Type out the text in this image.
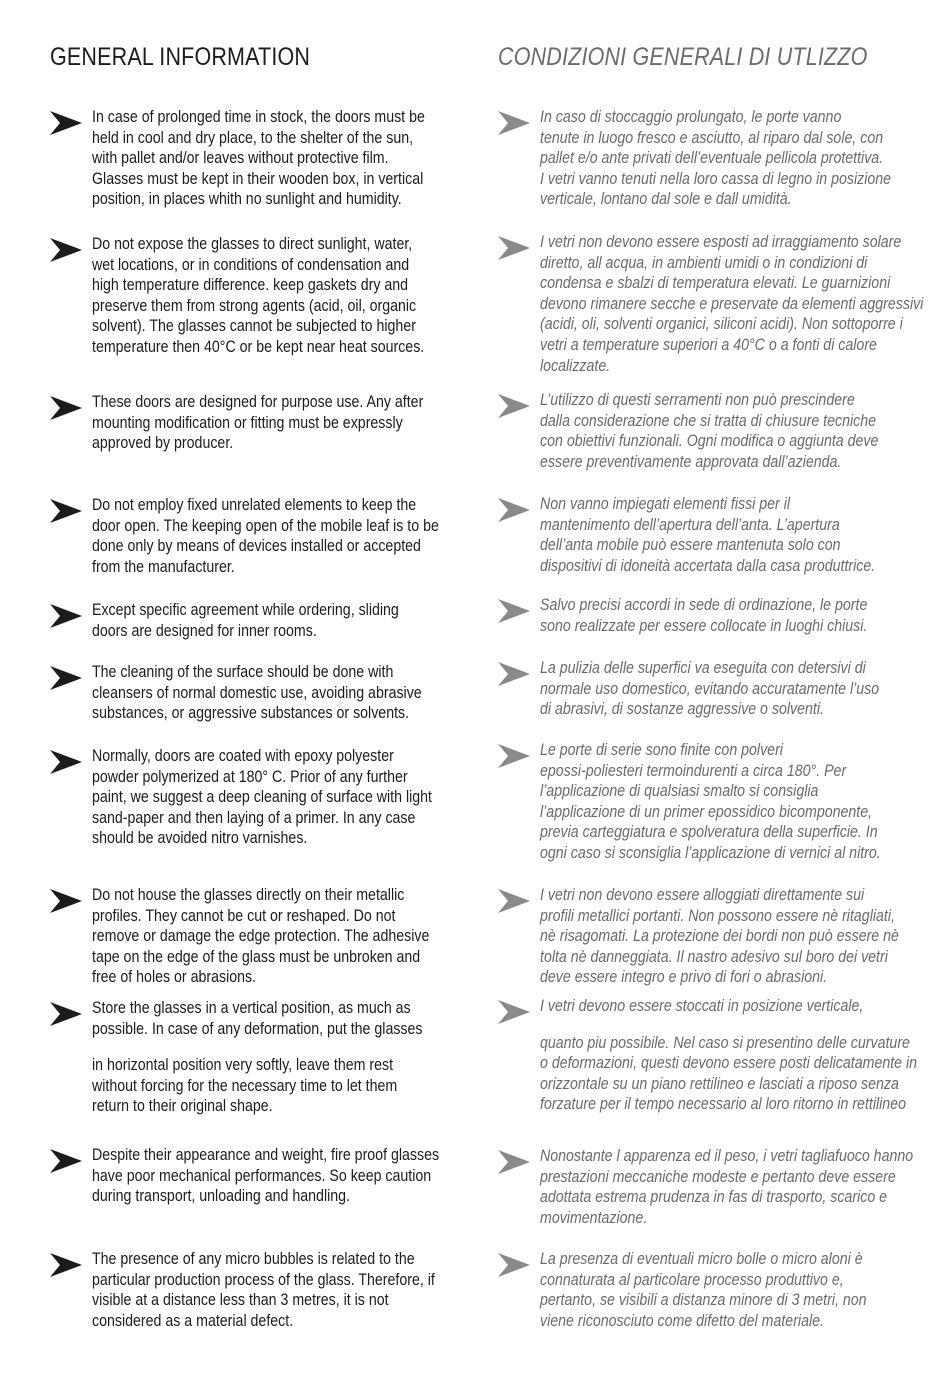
GENERAL INFORMATION	CONDIZIONI GENERALI DI UTLIZZO
In case of prolonged time in stock, the doors must be
held in cool and dry place, to the shelter of the sun,
with pallet and/or leaves without protective film.
Glasses must be kept in their wooden box, in vertical
position, in places whith no sunlight and humidity.
Do not expose the glasses to direct sunlight, water,
wet locations, or in conditions of condensation and
high temperature difference. keep gaskets dry and
preserve them from strong agents (acid, oil, organic
solvent). The glasses cannot be subjected to higher
temperature then 40°C or be kept near heat sources.
These doors are designed for purpose use. Any after
mounting modification or fitting must be expressly
approved by producer.
Do not employ fixed unrelated elements to keep the
door open. The keeping open of the mobile leaf is to be
done only by means of devices installed or accepted
from the manufacturer.
Except specific agreement while ordering, sliding
doors are designed for inner rooms.
The cleaning of the surface should be done with
cleansers of normal domestic use, avoiding abrasive
substances, or aggressive substances or solvents.
Normally, doors are coated with epoxy polyester
powder polymerized at 180° C. Prior of any further
paint, we suggest a deep cleaning of surface with light
sand-paper and then laying of a primer. In any case
should be avoided nitro varnishes.
Do not house the glasses directly on their metallic
profiles. They cannot be cut or reshaped. Do not
remove or damage the edge protection. The adhesive
tape on the edge of the glass must be unbroken and
free of holes or abrasions.
Store the glasses in a vertical position, as much as
possible. In case of any deformation, put the glasses
in horizontal position very softly, leave them rest
without forcing for the necessary time to let them
return to their original shape.
Despite their appearance and weight, fire proof glasses
have poor mechanical performances. So keep caution
during transport, unloading and handling.
The presence of any micro bubbles is related to the
particular production process of the glass. Therefore, if
visible at a distance less than 3 metres, it is not
considered as a material defect.
In caso di stoccaggio prolungato, le porte vanno
tenute in luogo fresco e asciutto, al riparo dal sole, con
pallet e/o ante privati dell’eventuale pellicola protettiva.
I vetri vanno tenuti nella loro cassa di legno in posizione
verticale, lontano dal sole e dall umidità.
I vetri non devono essere esposti ad irraggiamento solare
diretto, all acqua, in ambienti umidi o in condizioni di
condensa e sbalzi di temperatura elevati. Le guarnizioni
devono rimanere secche e preservate da elementi aggressivi
(acidi, oli, solventi organici, siliconi acidi). Non sottoporre i
vetri a temperature superiori a 40°C o a fonti di calore
localizzate.
L’utilizzo di questi serramenti non può prescindere
dalla considerazione che si tratta di chiusure tecniche
con obiettivi funzionali. Ogni modifica o aggiunta deve
essere preventivamente approvata dall’azienda.
Non vanno impiegati elementi fissi per il
mantenimento dell’apertura dell’anta. L’apertura
dell’anta mobile può essere mantenuta solo con
dispositivi di idoneità accertata dalla casa produttrice.
Salvo precisi accordi in sede di ordinazione, le porte
sono realizzate per essere collocate in luoghi chiusi.
La pulizia delle superfici va eseguita con detersivi di
normale uso domestico, evitando accuratamente l’uso
di abrasivi, di sostanze aggressive o solventi.
Le porte di serie sono finite con polveri
epossi-poliesteri termoindurenti a circa 180°. Per
l’applicazione di qualsiasi smalto si consiglia
l’applicazione di un primer epossidico bicomponente,
previa carteggiatura e spolveratura della superficie. In
ogni caso si sconsiglia l’applicazione di vernici al nitro.
I vetri non devono essere alloggiati direttamente sui
profili metallici portanti. Non possono essere nè ritagliati,
nè risagomati. La protezione dei bordi non può essere nè
tolta nè danneggiata. Il nastro adesivo sul boro dei vetri
deve essere integro e privo di fori o abrasioni.
I vetri devono essere stoccati in posizione verticale,
quanto piu possibile. Nel caso si presentino delle curvature
o deformazioni, questi devono essere posti delicatamente in
orizzontale su un piano rettilineo e lasciati a riposo senza
forzature per il tempo necessario al loro ritorno in rettilineo
Nonostante l apparenza ed il peso, i vetri tagliafuoco hanno
prestazioni meccaniche modeste e pertanto deve essere
adottata estrema prudenza in fas di trasporto, scarico e
movimentazione.
La presenza di eventuali micro bolle o micro aloni è
connaturata al particolare processo produttivo e,
pertanto, se visibili a distanza minore di 3 metri, non
viene riconosciuto come difetto del materiale.
